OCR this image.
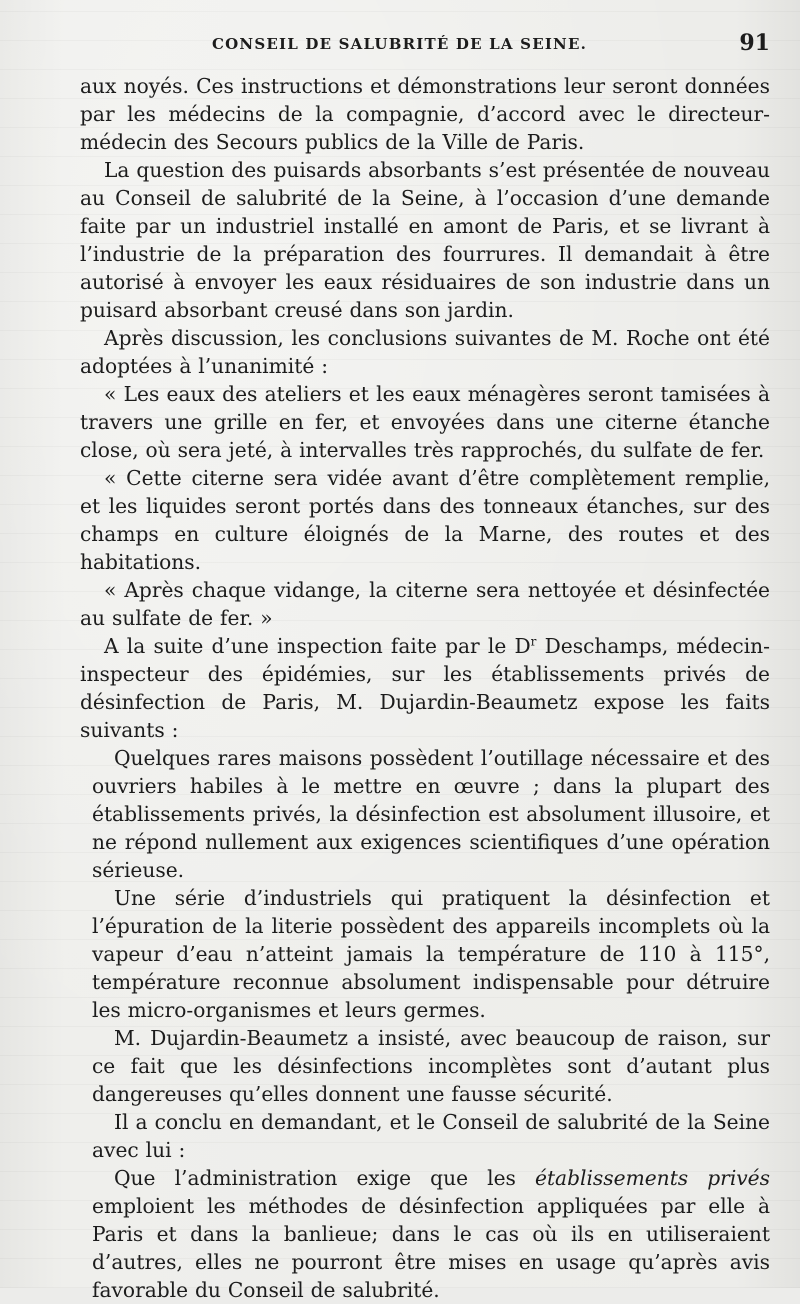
CONSEIL DE SALUBRITÉ DE LA SEINE.	91

aux noyés. Ces instructions et démonstrations leur seront données par les médecins de la compagnie, d’accord avec le directeur-médecin des Secours publics de la Ville de Paris.

La question des puisards absorbants s’est présentée de nouveau au Conseil de salubrité de la Seine, à l’occasion d’une demande faite par un industriel installé en amont de Paris, et se livrant à l’industrie de la préparation des fourrures. Il demandait à être autorisé à envoyer les eaux résiduaires de son industrie dans un puisard absorbant creusé dans son jardin.

Après discussion, les conclusions suivantes de M. Roche ont été adoptées à l’unanimité :

« Les eaux des ateliers et les eaux ménagères seront tamisées à travers une grille en fer, et envoyées dans une citerne étanche close, où sera jeté, à intervalles très rapprochés, du sulfate de fer.

« Cette citerne sera vidée avant d’être complètement remplie, et les liquides seront portés dans des tonneaux étanches, sur des champs en culture éloignés de la Marne, des routes et des habitations.

« Après chaque vidange, la citerne sera nettoyée et désinfectée au sulfate de fer. »

A la suite d’une inspection faite par le $D^r$ Deschamps, médecin-inspecteur des épidémies, sur les établissements privés de désinfection de Paris, M. Dujardin-Beaumetz expose les faits suivants :

Quelques rares maisons possèdent l’outillage nécessaire et des ouvriers habiles à le mettre en œuvre ; dans la plupart des établissements privés, la désinfection est absolument illusoire, et ne répond nullement aux exigences scientifiques d’une opération sérieuse.

Une série d’industriels qui pratiquent la désinfection et l’épuration de la literie possèdent des appareils incomplets où la vapeur d’eau n’atteint jamais la température de 110 à 115°, température reconnue absolument indispensable pour détruire les micro-organismes et leurs germes.

M. Dujardin-Beaumetz a insisté, avec beaucoup de raison, sur ce fait que les désinfections incomplètes sont d’autant plus dangereuses qu’elles donnent une fausse sécurité.

Il a conclu en demandant, et le Conseil de salubrité de la Seine avec lui :

Que l’administration exige que les établissements privés emploient les méthodes de désinfection appliquées par elle à Paris et dans la banlieue; dans le cas où ils en utiliseraient d’autres, elles ne pourront être mises en usage qu’après avis favorable du Conseil de salubrité.
